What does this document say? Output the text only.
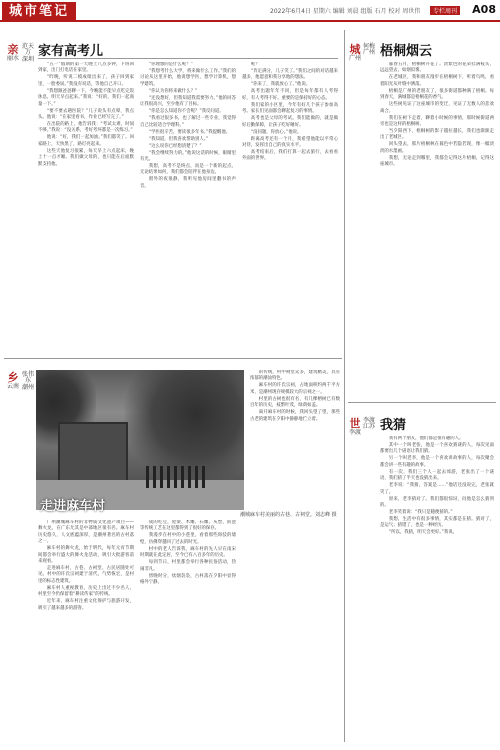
城市笔记	2022年6月4日 星期六 编辑 刘晨 组版 石月 校对 周世伟	专栏周刊 A08
亲
丽水
范天万
深圳
家有高考儿

“五一”假期的第一天晚上八点多钟，下班回到家，出门打电话在家里。

“昨晚，听说二模成绩出来了，孩子回到家里，一脸委屈。”我没有说话，等他自己开口。

“我想跟爸爸聊一下，今晚能不能早点吃完饭休息，明天早点起来。”我说：“好的，我们一起商量一下。”

“要不要去趟医院？”儿子说头有点晕，我点头。他说：“在家里看书，作业已经写完了。”

在出院的路上，他告诉我：“考试太难，时间不够。”我说：“没关系，考好考坏都是一次练习。”

他说：“好，我们一起加油。”我们都笑了。回家路上，天快黑了，路灯亮起来。

这些天他复习很累，每天早上六点起床，晚上十一点才睡。我们做父母的，也只能在后面默默支持他。

“你理想的是什么呢？”

“我想考什么大学，将来做什么工作。”我们的讨论从这里开始，他说想学医，想学计算机，想学建筑。

“你认为你将来做什么？”

“还没想好，但我知道我需要努力。”他的回答让我很高兴，至少他有了目标。

“你是怎么知道你不会呢？”我反问道。

“我看过很多书，也了解过一些专业，我觉得自己比较适合学理科。”

“学医很辛苦，要读很多年书。”我提醒他。

“我知道，但我喜欢帮助别人。”

“这么说你已经想清楚了？”

“我会继续努力的。”他说这话的时候，眼睛里有光。

我想，高考不是终点，而是一个新的起点。无论结果如何，我们都会陪伴在他身边。

窗外的夜很静，我听见他房间里翻书的声音。

呢？

“肯定满分，儿子笑了。”我们之间的对话越来越多，他愿意和我分享他的想法。

“你来了，我就放心了。”他说。

高考出题年年不同，但是每年都有人考得好，有人考得不好。重要的是保持好的心态。

我们家的小区里，今年有好几个孩子参加高考。家长们见面都会聊起复习的事情。

高考也是父母的考试。我们能做的，就是做好后勤保障，让孩子吃好睡好。

“没问题，你放心。”他说。

距离高考还有一个月，我希望他能以平常心对待，发挥出自己的真实水平。

高考结束后，我们打算一起去旅行，去看看外面的世界。

城
广州
何梅
广州 梧桐烟云

暮春五月，梧桐树开花了。淡紫色的花朵挂满枝头，远远望去，如烟似雾。

在老城区，我和朋友漫步在梧桐树下，听着鸟鸣，看着阳光从叶缝中洒落。

梧桐是广州的老朋友了，很多街道都种满了梧桐。每到春天，满城都是梧桐花的香气。

这些树见证了这座城市的变迁，见证了无数人的悲欢离合。

我们在树下走着，聊着小时候的事情，那时候街道两旁也是这样的梧桐树。

当夕阳西下，梧桐树的影子越拉越长，我们也渐渐走出了老城区。

回头望去，那片梧桐林在暮色中若隐若现，像一幅淡淡的水墨画。

我想，无论走到哪里，我都会记得这片梧桐，记得这座城市。

世
李渡
李渡
江苏 我猜

我有两个朋友，他们都是很有趣的人。

其中一个叫老张，他是一个喜欢猜谜的人，每次见面都要出几个谜语让我们猜。

另一个叫老李，他是一个喜欢讲故事的人，每次聚会都会讲一些有趣的故事。

有一次，我们三个人一起去郊游，老张出了一个谜语，我们猜了半天也没猜出来。

老李说：“我猜，答案是……”他话还没说完，老张就笑了。

原来，老李猜对了。我们都很惊讶，问他是怎么猜到的。

老李笑着说：“我只是随便猜的。”

我想，生活中有很多事情，其实都是在猜。猜对了，是运气；猜错了，也是一种经历。

“所以，我猜，明天会更好。”我说。

乡
云南
张伟东
潮州
走进麻车村
潮城麻车村美丽的古巷、古祠堂。刘志峰 摄

广州潮城麻车村的非物质文化遗产项目——舞火龙，在广东尤其是中部地区很有名。麻车村历史悠久，人文底蕴深厚，是潮州著名的古村落之一。

麻车村的舞火龙，始于明代，每年元宵节期间都会举行盛大的舞火龙活动，吸引大批游客前来观看。

走进麻车村，古巷、古祠堂、古民居随处可见。村中的许氏宗祠建于清代，气势恢宏，是村里的标志性建筑。

麻车村人重视教育，历史上出过不少名人，村里至今仍保留着“耕读传家”的传统。

近年来，麻车村注重文化保护与旅游开发，吸引了越来越多的游客。

成的吃豆，屋梁、木雕、石雕、灰塑、嵌瓷等传统工艺在这里都得到了很好的保存。

我漫步在村中的小巷里，看着那些斑驳的墙壁，仿佛穿越回了过去的时光。

村中的老人告诉我，麻车村的先人早在南宋时期就在此定居，至今已有八百多年的历史。

每到节日，村里都会举行各种民俗活动，热闹非凡。

傍晚时分，炊烟袅袅，古村落在夕阳中显得格外宁静。

的传统，村中祠堂众多，建筑精美，具有浓郁的潮汕特色。

麻车村的许氏宗祠，占地面积约两千平方米，是潮州现存规模较大的宗祠之一。

村里的古树也很有名，有几棵榕树已有数百年的历史，枝繁叶茂，绿荫如盖。

离开麻车村的时候，我回头望了望，那些古老的建筑在夕阳中静静地伫立着。
